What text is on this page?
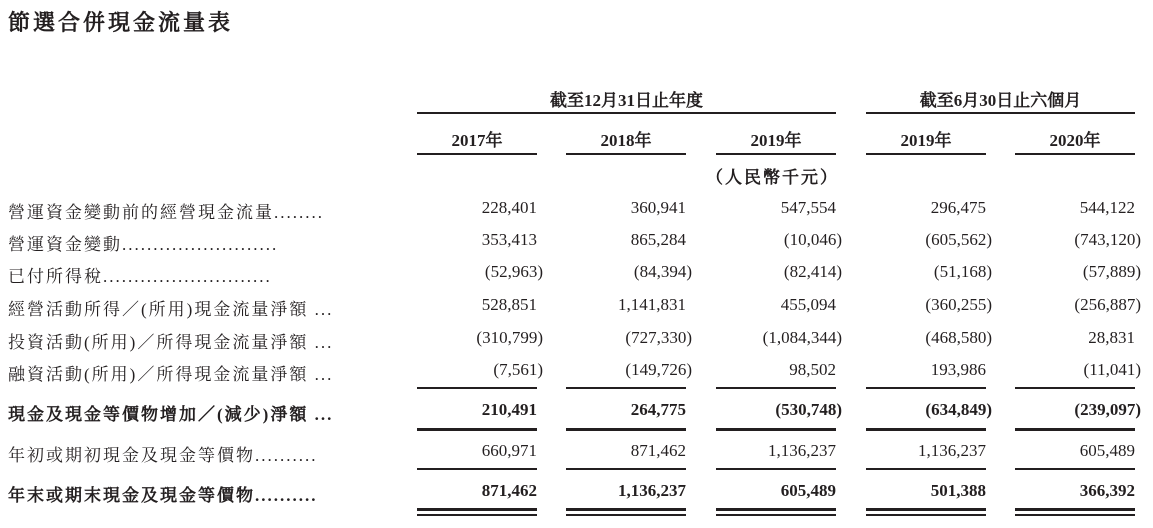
節選合併現金流量表
截至12月31日止年度	截至6月30日止六個月
2017年	2018年	2019年	2019年	2020年
（人民幣千元）
營運資金變動前的經營現金流量........	228,401	360,941	547,554	296,475	544,122
營運資金變動.........................	353,413	865,284	(10,046)	(605,562)	(743,120)
已付所得稅...........................	(52,963)	(84,394)	(82,414)	(51,168)	(57,889)
經營活動所得／(所用)現金流量淨額 ...	528,851	1,141,831	455,094	(360,255)	(256,887)
投資活動(所用)／所得現金流量淨額 ...	(310,799)	(727,330)	(1,084,344)	(468,580)	28,831
融資活動(所用)／所得現金流量淨額 ...	(7,561)	(149,726)	98,502	193,986	(11,041)
現金及現金等價物增加／(減少)淨額 ...	210,491	264,775	(530,748)	(634,849)	(239,097)
年初或期初現金及現金等價物..........	660,971	871,462	1,136,237	1,136,237	605,489
年末或期末現金及現金等價物..........	871,462	1,136,237	605,489	501,388	366,392
